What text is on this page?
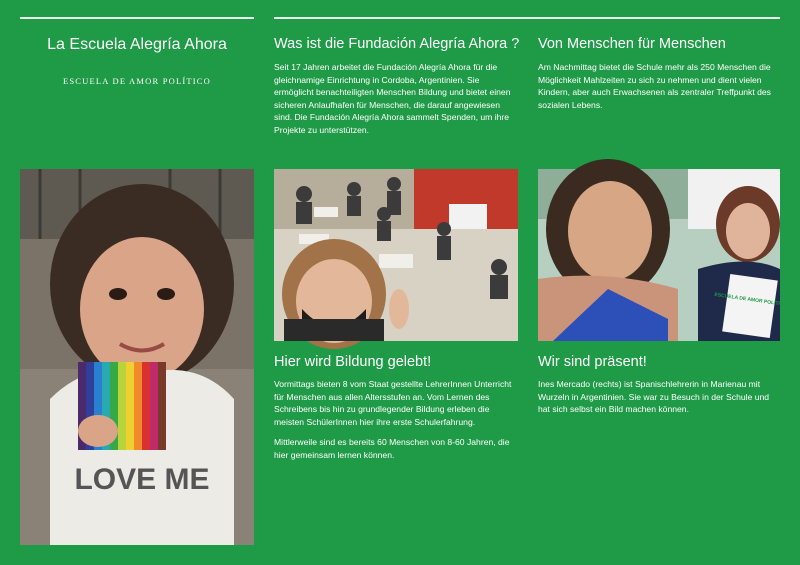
La Escuela Alegría Ahora
ESCUELA DE AMOR POLÍTICO
Was ist die Fundación Alegría Ahora ?

Seit 17 Jahren arbeitet die Fundación Alegría Ahora für die gleichnamige Einrichtung in Cordoba, Argentinien. Sie ermöglicht benachteiligten Menschen Bildung und bietet einen sicheren Anlaufhafen für Menschen, die darauf angewiesen sind. Die Fundación Alegría Ahora sammelt Spenden, um ihre Projekte zu unterstützen.

Von Menschen für Menschen

Am Nachmittag bietet die Schule mehr als 250 Menschen die Möglichkeit Mahlzeiten zu sich zu nehmen und dient vielen Kindern, aber auch Erwachsenen als zentraler Treffpunkt des sozialen Lebens.

LOVE ME
ESCUELA DE AMOR POLÍTICO
Hier wird Bildung gelebt!

Vormittags bieten 8 vom Staat gestellte LehrerInnen Unterricht für Menschen aus allen Altersstufen an. Vom Lernen des Schreibens bis hin zu grundlegender Bildung erleben die meisten SchülerInnen hier ihre erste Schulerfahrung.

Mittlerweile sind es bereits 60 Menschen von 8-60 Jahren, die hier gemeinsam lernen können.

Wir sind präsent!

Ines Mercado (rechts) ist Spanischlehrerin in Marienau mit Wurzeln in Argentinien. Sie war zu Besuch in der Schule und hat sich selbst ein Bild machen können.
